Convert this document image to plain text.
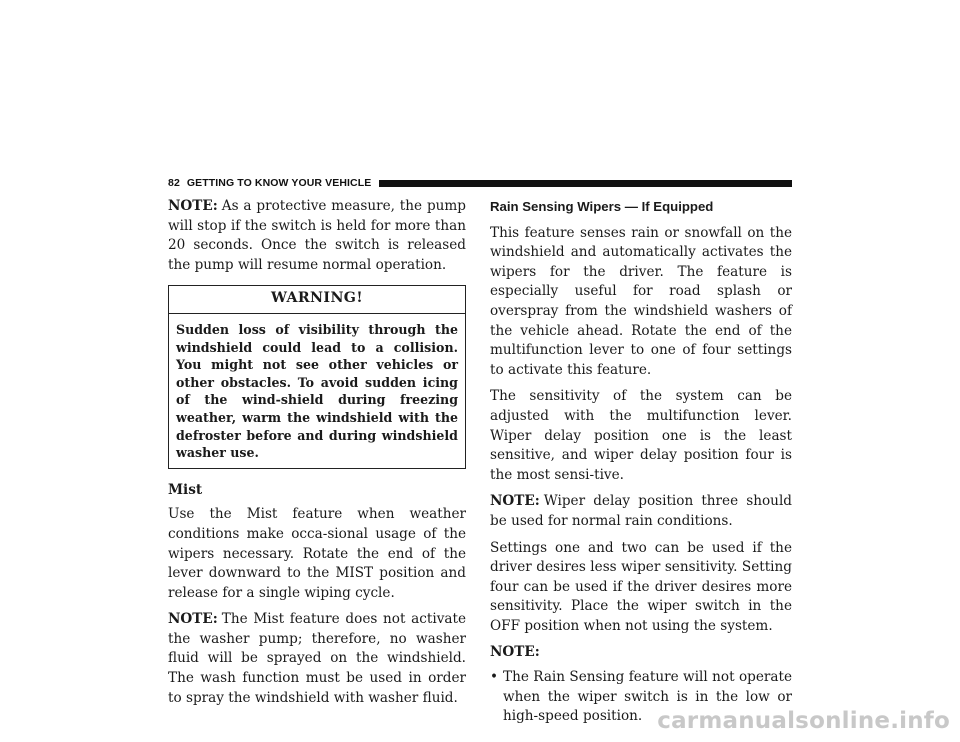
82 GETTING TO KNOW YOUR VEHICLE

NOTE: As a protective measure, the pump will stop if the switch is held for more than 20 seconds. Once the switch is released the pump will resume normal operation.

WARNING!
Sudden loss of visibility through the windshield could lead to a collision. You might not see other vehicles or other obstacles. To avoid sudden icing of the wind-shield during freezing weather, warm the windshield with the defroster before and during windshield washer use.
Mist

Use the Mist feature when weather conditions make occa-sional usage of the wipers necessary. Rotate the end of the lever downward to the MIST position and release for a single wiping cycle.

NOTE: The Mist feature does not activate the washer pump; therefore, no washer fluid will be sprayed on the windshield. The wash function must be used in order to spray the windshield with washer fluid.

Rain Sensing Wipers — If Equipped

This feature senses rain or snowfall on the windshield and automatically activates the wipers for the driver. The feature is especially useful for road splash or overspray from the windshield washers of the vehicle ahead. Rotate the end of the multifunction lever to one of four settings to activate this feature.

The sensitivity of the system can be adjusted with the multifunction lever. Wiper delay position one is the least sensitive, and wiper delay position four is the most sensi-tive.

NOTE: Wiper delay position three should be used for normal rain conditions.

Settings one and two can be used if the driver desires less wiper sensitivity. Setting four can be used if the driver desires more sensitivity. Place the wiper switch in the OFF position when not using the system.

NOTE:
• The Rain Sensing feature will not operate when the wiper switch is in the low or high-speed position. carmanualsonline.info
